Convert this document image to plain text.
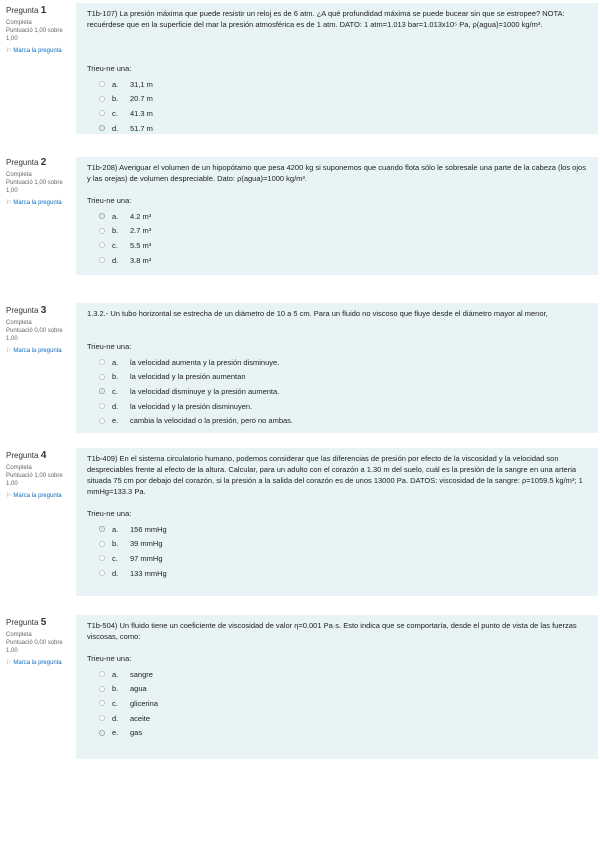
Pregunta 1
Completa
Puntuació 1,00 sobre 1,00
⚐ Marca la pregunta

T1b-107) La presión máxima que puede resistir un reloj es de 6 atm. ¿A qué profundidad máxima se puede bucear sin que se estropee? NOTA: recuérdese que en la superficie del mar la presión atmosférica es de 1 atm. DATO: 1 atm=1.013 bar=1.013x10⁵ Pa, ρ(agua)=1000 kg/m³.

Trieu-ne una:
a.	31,1 m
b.	20.7 m
c.	41.3 m
d.	51.7 m
Pregunta 2
Completa
Puntuació 1,00 sobre 1,00
⚐ Marca la pregunta

T1b-208) Averiguar el volumen de un hipopótamo que pesa 4200 kg si suponemos que cuando flota sólo le sobresale una parte de la cabeza (los ojos y las orejas) de volumen despreciable. Dato: ρ(agua)=1000 kg/m³.

Trieu-ne una:
a.	4.2 m³
b.	2.7 m³
c.	5.5 m³
d.	3.8 m³
Pregunta 3
Completa
Puntuació 0,00 sobre 1,00
⚐ Marca la pregunta

1.3.2.- Un tubo horizontal se estrecha de un diámetro de 10 a 5 cm. Para un fluido no viscoso que fluye desde el diámetro mayor al menor,

Trieu-ne una:
a.	la velocidad aumenta y la presión disminuye.
b.	la velocidad y la presión aumentan
c.	la velocidad disminuye y la presión aumenta.
d.	la velocidad y la presión disminuyen.
e.	cambia la velocidad o la presión, pero no ambas.
Pregunta 4
Completa
Puntuació 1,00 sobre 1,00
⚐ Marca la pregunta

T1b-409) En el sistema circulatorio humano, podemos considerar que las diferencias de presión por efecto de la viscosidad y la velocidad son despreciables frente al efecto de la altura. Calcular, para un adulto con el corazón a 1.30 m del suelo, cuál es la presión de la sangre en una arteria situada 75 cm por debajo del corazón, si la presión a la salida del corazón es de unos 13000 Pa. DATOS: viscosidad de la sangre: ρ=1059.5 kg/m³; 1 mmHg=133.3 Pa.

Trieu-ne una:
a.	156 mmHg
b.	39 mmHg
c.	97 mmHg
d.	133 mmHg
Pregunta 5
Completa
Puntuació 0,00 sobre 1,00
⚐ Marca la pregunta

T1b-504) Un fluido tiene un coeficiente de viscosidad de valor η=0.001 Pa·s. Esto indica que se comportaría, desde el punto de vista de las fuerzas viscosas, como:

Trieu-ne una:
a.	sangre
b.	agua
c.	glicerina
d.	aceite
e.	gas
